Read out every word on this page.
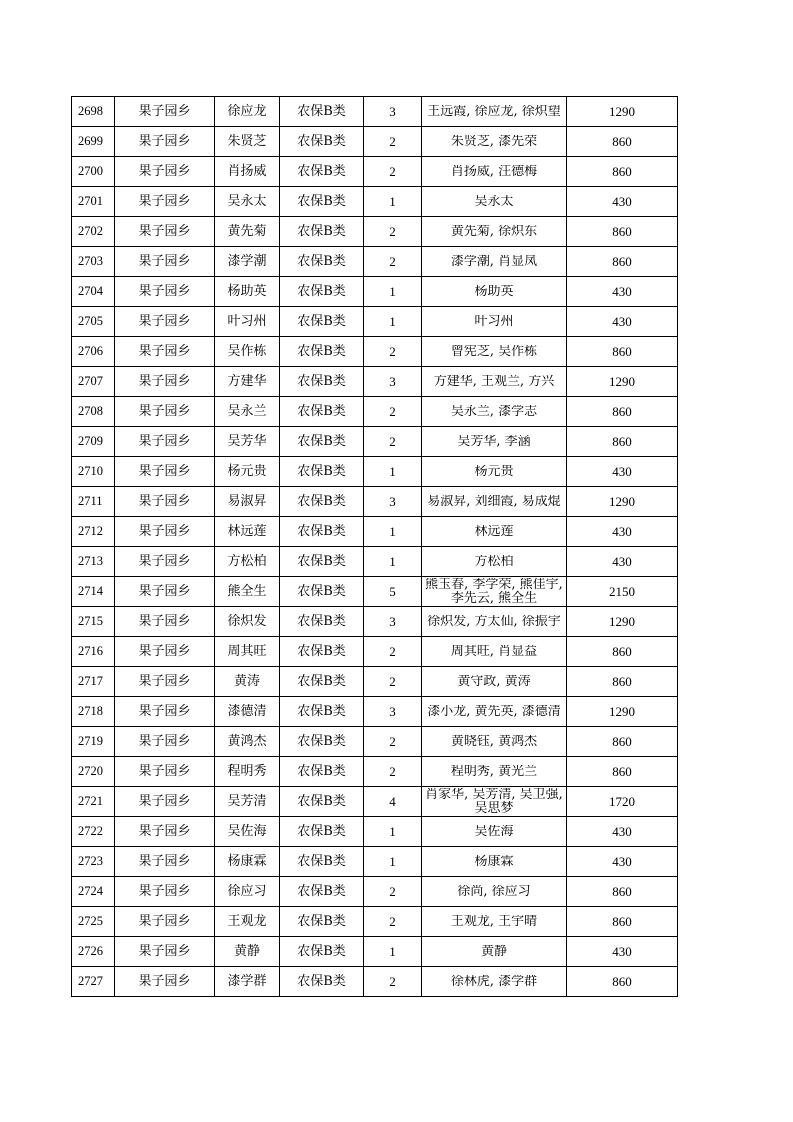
2698	果子园乡	徐应龙	农保B类	3	王远霞, 徐应龙, 徐炽望	1290
2699	果子园乡	朱贤芝	农保B类	2	朱贤芝, 漆先荣	860
2700	果子园乡	肖扬威	农保B类	2	肖扬威, 汪德梅	860
2701	果子园乡	吴永太	农保B类	1	吴永太	430
2702	果子园乡	黄先菊	农保B类	2	黄先菊, 徐炽东	860
2703	果子园乡	漆学潮	农保B类	2	漆学潮, 肖显凤	860
2704	果子园乡	杨助英	农保B类	1	杨助英	430
2705	果子园乡	叶习州	农保B类	1	叶习州	430
2706	果子园乡	吴作栋	农保B类	2	曾宪芝, 吴作栋	860
2707	果子园乡	方建华	农保B类	3	方建华, 王观兰, 方兴	1290
2708	果子园乡	吴永兰	农保B类	2	吴永兰, 漆学志	860
2709	果子园乡	吴芳华	农保B类	2	吴芳华, 李涵	860
2710	果子园乡	杨元贵	农保B类	1	杨元贵	430
2711	果子园乡	易淑昇	农保B类	3	易淑昇, 刘细霞, 易成焜	1290
2712	果子园乡	林远莲	农保B类	1	林远莲	430
2713	果子园乡	方松柏	农保B类	1	方松柏	430
2714	果子园乡	熊全生	农保B类	5	熊玉春, 李学荣, 熊佳宇, 李先云, 熊全生	2150
2715	果子园乡	徐炽发	农保B类	3	徐炽发, 方太仙, 徐振宇	1290
2716	果子园乡	周其旺	农保B类	2	周其旺, 肖显益	860
2717	果子园乡	黄涛	农保B类	2	黄守政, 黄涛	860
2718	果子园乡	漆德清	农保B类	3	漆小龙, 黄先英, 漆德清	1290
2719	果子园乡	黄鸿杰	农保B类	2	黄晓钰, 黄鸿杰	860
2720	果子园乡	程明秀	农保B类	2	程明秀, 黄光兰	860
2721	果子园乡	吴芳清	农保B类	4	肖家华, 吴芳清, 吴卫强, 吴思梦	1720
2722	果子园乡	吴佐海	农保B类	1	吴佐海	430
2723	果子园乡	杨康霖	农保B类	1	杨康霖	430
2724	果子园乡	徐应习	农保B类	2	徐尚, 徐应习	860
2725	果子园乡	王观龙	农保B类	2	王观龙, 王宇晴	860
2726	果子园乡	黄静	农保B类	1	黄静	430
2727	果子园乡	漆学群	农保B类	2	徐林虎, 漆学群	860
